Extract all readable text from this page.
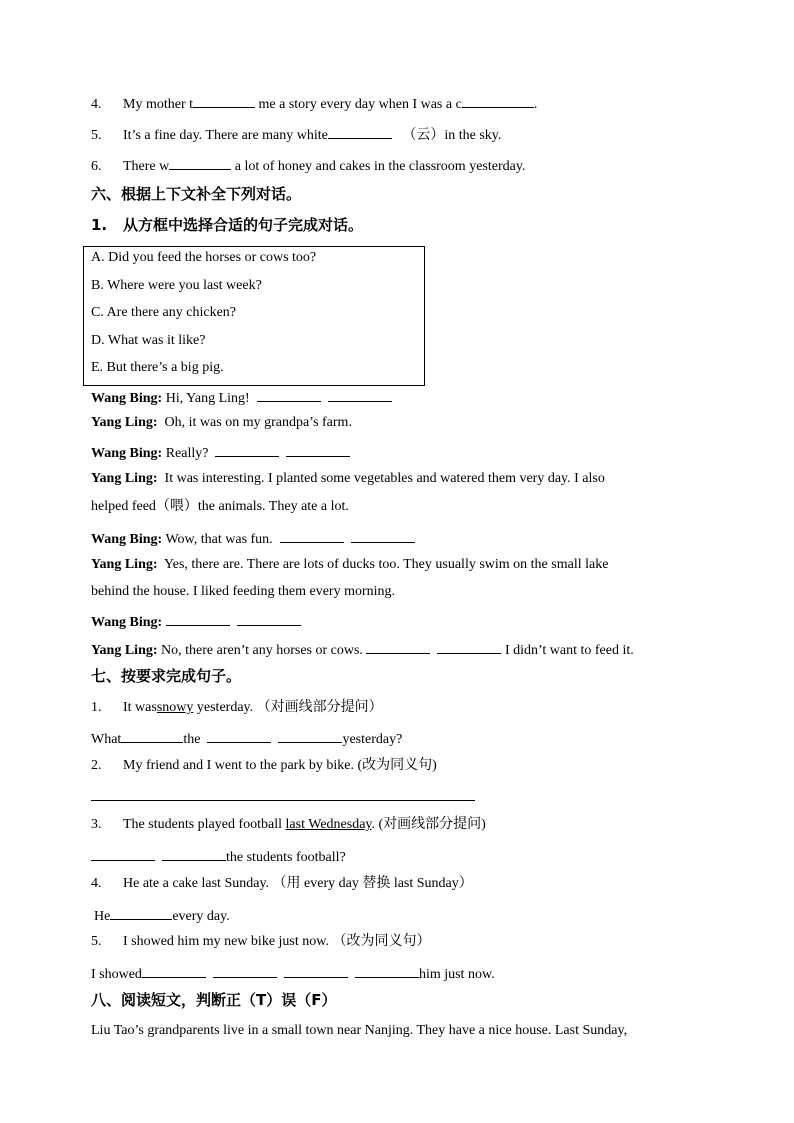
4. My mother t	me a story every day when I was a c	.
5. It’s a fine day. There are many white	（云）in the sky.
6. There w	a lot of honey and cakes in the classroom yesterday.
六、根据上下文补全下列对话。
1. 从方框中选择合适的句子完成对话。
A. Did you feed the horses or cows too?
B. Where were you last week?
C. Are there any chicken?
D. What was it like?
E. But there’s a big pig.
Wang Bing: Hi, Yang Ling!
Yang Ling: Oh, it was on my grandpa’s farm.
Wang Bing: Really?
Yang Ling: It was interesting. I planted some vegetables and watered them very day. I also
helped feed（喂）the animals. They ate a lot.
Wang Bing: Wow, that was fun.
Yang Ling: Yes, there are. There are lots of ducks too. They usually swim on the small lake
behind the house. I liked feeding them every morning.
Wang Bing:
Yang Ling: No, there aren’t any horses or cows.	I didn’t want to feed it.
七、按要求完成句子。
1. It wassnowy yesterday. （对画线部分提问）
What	the	yesterday?
2. My friend and I went to the park by bike. (改为同义句)
3. The students played football last Wednesday. (对画线部分提问)
the students football?
4. He ate a cake last Sunday. （用 every day 替换 last Sunday）
He	every day.
5. I showed him my new bike just now. （改为同义句）
I showed	him just now.
八、阅读短文，判断正（T）误（F）
Liu Tao’s grandparents live in a small town near Nanjing. They have a nice house. Last Sunday,
